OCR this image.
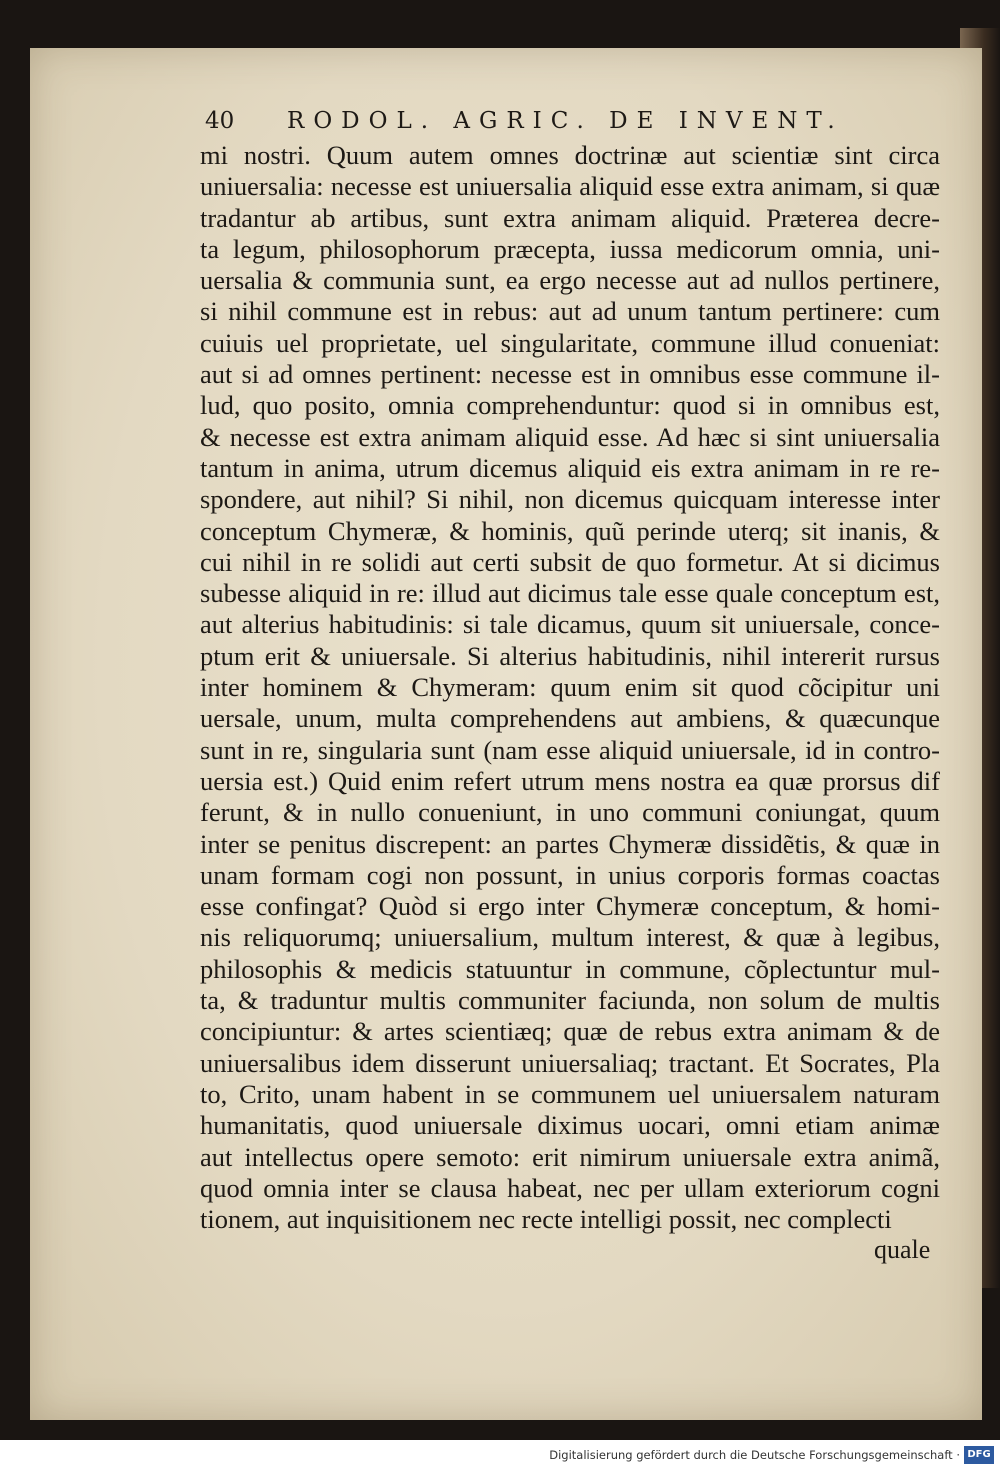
40 RODOL. AGRIC. DE INVENT.
mi nostri. Quum autem omnes doctrinæ aut scientiæ sint circa
uniuersalia: necesse est uniuersalia aliquid esse extra animam, si quæ
tradantur ab artibus, sunt extra animam aliquid. Præterea decre-
ta legum, philosophorum præcepta, iussa medicorum omnia, uni-
uersalia & communia sunt, ea ergo necesse aut ad nullos pertinere,
si nihil commune est in rebus: aut ad unum tantum pertinere: cum
cuiuis uel proprietate, uel singularitate, commune illud conueniat:
aut si ad omnes pertinent: necesse est in omnibus esse commune il-
lud, quo posito, omnia comprehenduntur: quod si in omnibus est,
& necesse est extra animam aliquid esse. Ad hæc si sint uniuersalia
tantum in anima, utrum dicemus aliquid eis extra animam in re re-
spondere, aut nihil? Si nihil, non dicemus quicquam interesse inter
conceptum Chymeræ, & hominis, quũ perinde uterq; sit inanis, &
cui nihil in re solidi aut certi subsit de quo formetur. At si dicimus
subesse aliquid in re: illud aut dicimus tale esse quale conceptum est,
aut alterius habitudinis: si tale dicamus, quum sit uniuersale, conce-
ptum erit & uniuersale. Si alterius habitudinis, nihil intererit rursus
inter hominem & Chymeram: quum enim sit quod cõcipitur uni
uersale, unum, multa comprehendens aut ambiens, & quæcunque
sunt in re, singularia sunt (nam esse aliquid uniuersale, id in contro-
uersia est.) Quid enim refert utrum mens nostra ea quæ prorsus dif
ferunt, & in nullo conueniunt, in uno communi coniungat, quum
inter se penitus discrepent: an partes Chymeræ dissidẽtis, & quæ in
unam formam cogi non possunt, in unius corporis formas coactas
esse confingat? Quòd si ergo inter Chymeræ conceptum, & homi-
nis reliquorumq; uniuersalium, multum interest, & quæ à legibus,
philosophis & medicis statuuntur in commune, cõplectuntur mul-
ta, & traduntur multis communiter faciunda, non solum de multis
concipiuntur: & artes scientiæq; quæ de rebus extra animam & de
uniuersalibus idem disserunt uniuersaliaq; tractant. Et Socrates, Pla
to, Crito, unam habent in se communem uel uniuersalem naturam
humanitatis, quod uniuersale diximus uocari, omni etiam animæ
aut intellectus opere semoto: erit nimirum uniuersale extra animã,
quod omnia inter se clausa habeat, nec per ullam exteriorum cogni
tionem, aut inquisitionem nec recte intelligi possit, nec complecti
quale
Digitalisierung gefördert durch die Deutsche Forschungsgemeinschaft · DFG
